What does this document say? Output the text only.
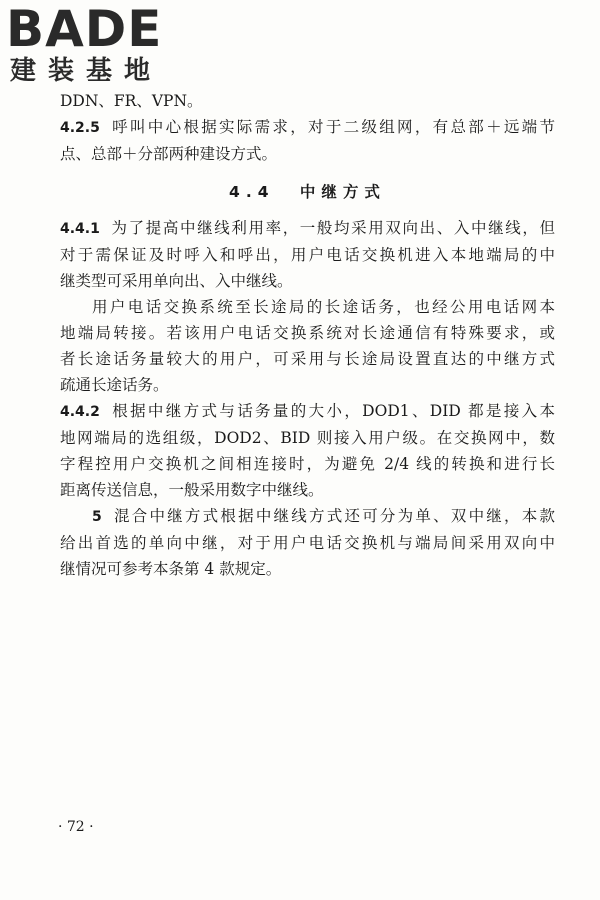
BADE
建装基地
DDN、FR、VPN。
4.2.5 呼叫中心根据实际需求，对于二级组网，有总部＋远端节
点、总部＋分部两种建设方式。
4.4 中继方式
4.4.1 为了提高中继线利用率，一般均采用双向出、入中继线，但
对于需保证及时呼入和呼出，用户电话交换机进入本地端局的中
继类型可采用单向出、入中继线。
用户电话交换系统至长途局的长途话务，也经公用电话网本
地端局转接。若该用户电话交换系统对长途通信有特殊要求，或
者长途话务量较大的用户，可采用与长途局设置直达的中继方式
疏通长途话务。
4.4.2 根据中继方式与话务量的大小，DOD1、DID 都是接入本
地网端局的选组级，DOD2、BID 则接入用户级。在交换网中，数
字程控用户交换机之间相连接时，为避免 2/4 线的转换和进行长
距离传送信息，一般采用数字中继线。
5 混合中继方式根据中继线方式还可分为单、双中继，本款
给出首选的单向中继，对于用户电话交换机与端局间采用双向中
继情况可参考本条第 4 款规定。
· 72 ·
